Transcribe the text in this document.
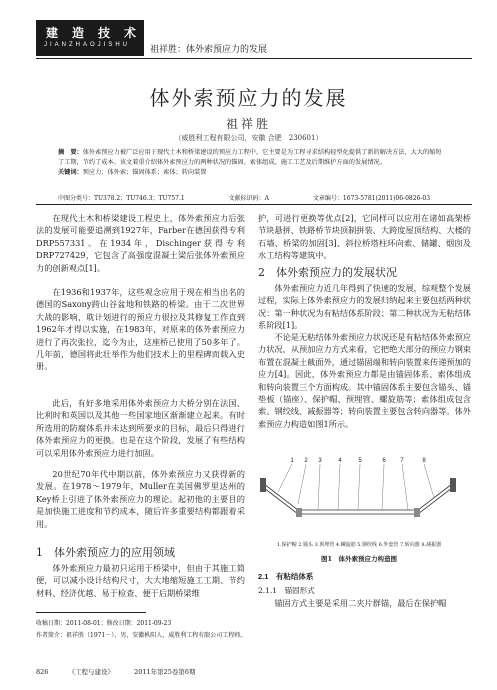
建造技术
JIANZHAOJISHU 祖祥胜：体外索预应力的发展
体外索预应力的发展
祖祥胜
（威胜利工程有限公司，安徽 合肥　230601）
摘　要：体外索预应力被广泛应用于现代土木和桥梁建设的预应力工程中，它主要是为工程寻求结构轻型化提供了新的解决方法，大大的缩短了工期，节约了成本。该文着重介绍体外索预应力的两种状况的锚固、索体组成、施工工艺及后期维护方面的发展情况。
关键词：预应力；体外索；锚固体系；索体；转向装置
中图分类号：TU378.2；TU746.3；TU757.1	文献标识码：A	文章编号：1673-5781(2011)06-0826-03
在现代土木和桥梁建设工程史上，体外索预应力后张法的发展可能要追溯到1927年，Farber在德国获得专利DRP557331。在1934年，Dischinger获得专利DRP727429，它包含了高强度混凝土梁后张体外索预应力的创新观点[1]。
在1936和1937年，这些观念应用于现在相当出名的德国的Saxony跨山谷盆地和铁路的桥梁。由于二次世界大战的影响，耽计划进行的预应力很拉及其修复工作直到1962年才得以实施，在1983年，对原来的体外索预应力进行了再次张拉，迄今为止，这座桥已使用了50多年了。几年前，德国将此壮举作为他们技术上的里程碑而载入史册。
此后，有好多地采用体外索预应力大桥分别在法国、比利时和英国以及其他一些国家地区渐渐建立起来。有时所选用的防腐体系并未达到所要求的目标，最后只得进行体外索预应力的更换。也是在这个阶段，发展了有些结构可以采用体外索预应力进行加固。
20世纪70年代中期以前，体外索预应力又获得新的发展。在1978～1979年，Muller在美国佛罗里达州的Key桥上引进了体外索预应力的理论。起初他的主要目的是加快施工进度和节约成本，随后许多重要结构都跟着采用。
1　体外索预应力的应用领域
体外索预应力最初只运用于桥梁中，但由于其施工简便，可以减小设计结构尺寸，大大地缩短施工工期、节约材料、经济优越、易于检查、便于后期桥梁维
护，可进行更换等优点[2]，它同样可以应用在诸如高架桥节块悬拼、铁路桥节块顶制拼装、大跨度屋顶结构、大楼的石墙、桥梁的加固[3]、斜拉桥塔柱环向索、储罐、烟囱及水工结构等建筑中。
2　体外索预应力的发展状况
体外索预应力近几年得到了快速的发展，综观整个发展过程，实际上体外索预应力的发展归纳起来主要包括两种状况：第一种状况为有粘结体系阶段；第二种状况为无粘结体系阶段[1]。
不论是无粘结体外索预应力状况还是有粘结体外索预应力状况，从预加应力方式来看，它把绝大部分的预应力钢束布置在混凝土截面外，通过锚固端和转向装置来传递预加的应力[4]。因此，体外索预应力都是由锚固体系、索体组成和转向装置三个方面构成。其中锚固体系主要包含锚头、锚垫板（锚座）、保护帽、预埋管、螺旋筋等；索体组成包含索、钢绞线、减振器等；转向装置主要包含转向器等。体外索预应力构造如图1所示。
1 2 3	4	5	6 7	8
1.保护帽 2.锚头 3.预埋管 4.螺旋筋 5.钢绞线 6.外套管 7.转向器 8.减振器
图1　体外索预应力构造图
2.1　有粘结体系
2.1.1　锚固形式
锚固方式主要是采用二夹片群锚，最后在保护帽
收稿日期：2011-08-01；修改日期：2011-09-23
作者简介：祖祥胜（1971－），男，安徽枞阳人，威胜利工程有限公司工程师。
826	《工程与建设》	2011年第25卷第6期
